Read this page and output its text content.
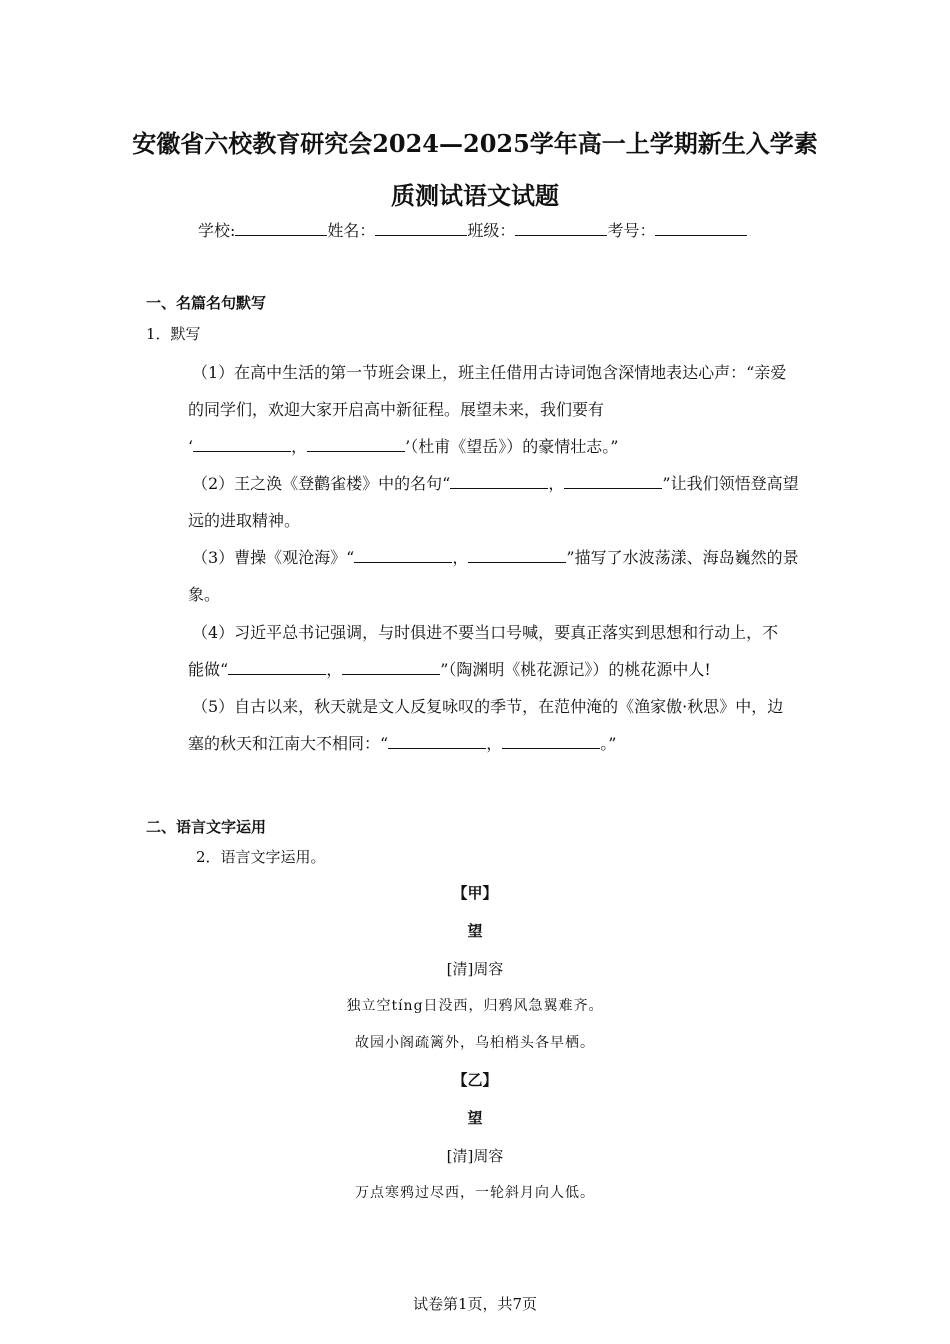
安徽省六校教育研究会2024—2025学年高一上学期新生入学素
质测试语文试题
学校:	姓名：	班级：	考号：
一、名篇名句默写
1．默写
（1）在高中生活的第一节班会课上，班主任借用古诗词饱含深情地表达心声：“亲爱
的同学们，欢迎大家开启高中新征程。展望未来，我们要有
‘	，	’（杜甫《望岳》）的豪情壮志。”
（2）王之涣《登鹳雀楼》中的名句“	，	”让我们领悟登高望
远的进取精神。
（3）曹操《观沧海》“	，	”描写了水波荡漾、海岛巍然的景
象。
（4）习近平总书记强调，与时俱进不要当口号喊，要真正落实到思想和行动上，不
能做“	，	”（陶渊明《桃花源记》）的桃花源中人!
（5）自古以来，秋天就是文人反复咏叹的季节，在范仲淹的《渔家傲·秋思》中，边
塞的秋天和江南大不相同：“	，	。”
二、语言文字运用
2．语言文字运用。
【甲】
望
[清]周容
独立空tíng日没西，归鸦风急翼难齐。
故园小阁疏篱外，乌桕梢头各早栖。
【乙】
望
[清]周容
万点寒鸦过尽西，一轮斜月向人低。
试卷第1页，共7页
